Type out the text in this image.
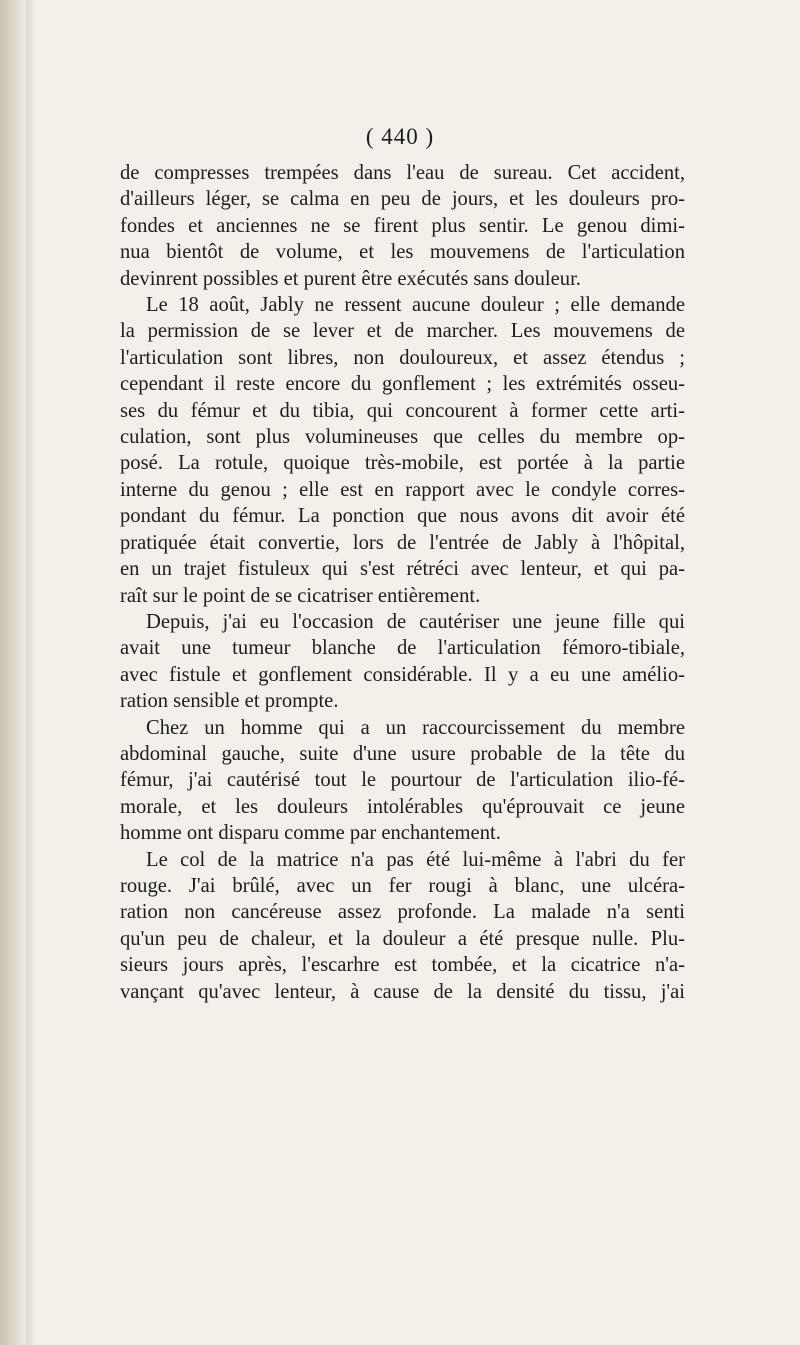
( 440 )
de compresses trempées dans l'eau de sureau. Cet accident,
d'ailleurs léger, se calma en peu de jours, et les douleurs pro-
fondes et anciennes ne se firent plus sentir. Le genou dimi-
nua bientôt de volume, et les mouvemens de l'articulation
devinrent possibles et purent être exécutés sans douleur.
Le 18 août, Jably ne ressent aucune douleur ; elle demande
la permission de se lever et de marcher. Les mouvemens de
l'articulation sont libres, non douloureux, et assez étendus ;
cependant il reste encore du gonflement ; les extrémités osseu-
ses du fémur et du tibia, qui concourent à former cette arti-
culation, sont plus volumineuses que celles du membre op-
posé. La rotule, quoique très-mobile, est portée à la partie
interne du genou ; elle est en rapport avec le condyle corres-
pondant du fémur. La ponction que nous avons dit avoir été
pratiquée était convertie, lors de l'entrée de Jably à l'hôpital,
en un trajet fistuleux qui s'est rétréci avec lenteur, et qui pa-
raît sur le point de se cicatriser entièrement.
Depuis, j'ai eu l'occasion de cautériser une jeune fille qui
avait une tumeur blanche de l'articulation fémoro-tibiale,
avec fistule et gonflement considérable. Il y a eu une amélio-
ration sensible et prompte.
Chez un homme qui a un raccourcissement du membre
abdominal gauche, suite d'une usure probable de la tête du
fémur, j'ai cautérisé tout le pourtour de l'articulation ilio-fé-
morale, et les douleurs intolérables qu'éprouvait ce jeune
homme ont disparu comme par enchantement.
Le col de la matrice n'a pas été lui-même à l'abri du fer
rouge. J'ai brûlé, avec un fer rougi à blanc, une ulcéra-
ration non cancéreuse assez profonde. La malade n'a senti
qu'un peu de chaleur, et la douleur a été presque nulle. Plu-
sieurs jours après, l'escarhre est tombée, et la cicatrice n'a-
vançant qu'avec lenteur, à cause de la densité du tissu, j'ai
